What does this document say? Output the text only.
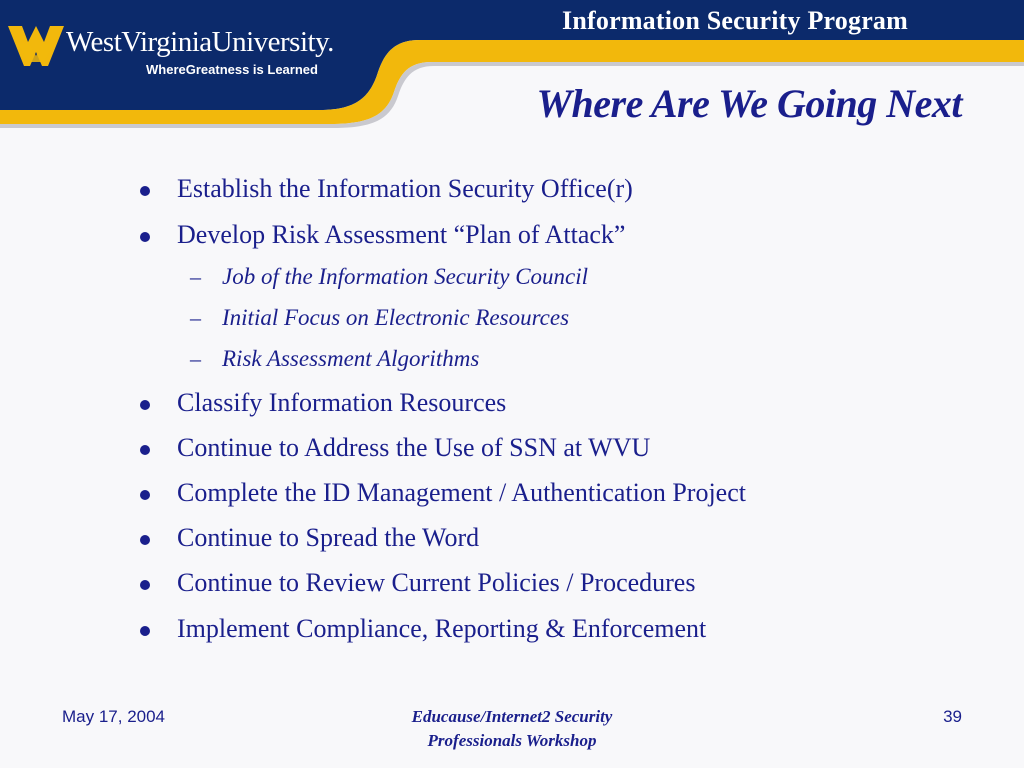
WestVirginiaUniversity.
WhereGreatness is Learned
Information Security Program
Where Are We Going Next
Establish the Information Security Office(r)
Develop Risk Assessment “Plan of Attack”
– Job of the Information Security Council
– Initial Focus on Electronic Resources
– Risk Assessment Algorithms
Classify Information Resources
Continue to Address the Use of SSN at WVU
Complete the ID Management / Authentication Project
Continue to Spread the Word
Continue to Review Current Policies / Procedures
Implement Compliance, Reporting & Enforcement
May 17, 2004	Educause/Internet2 Security
Professionals Workshop
39
